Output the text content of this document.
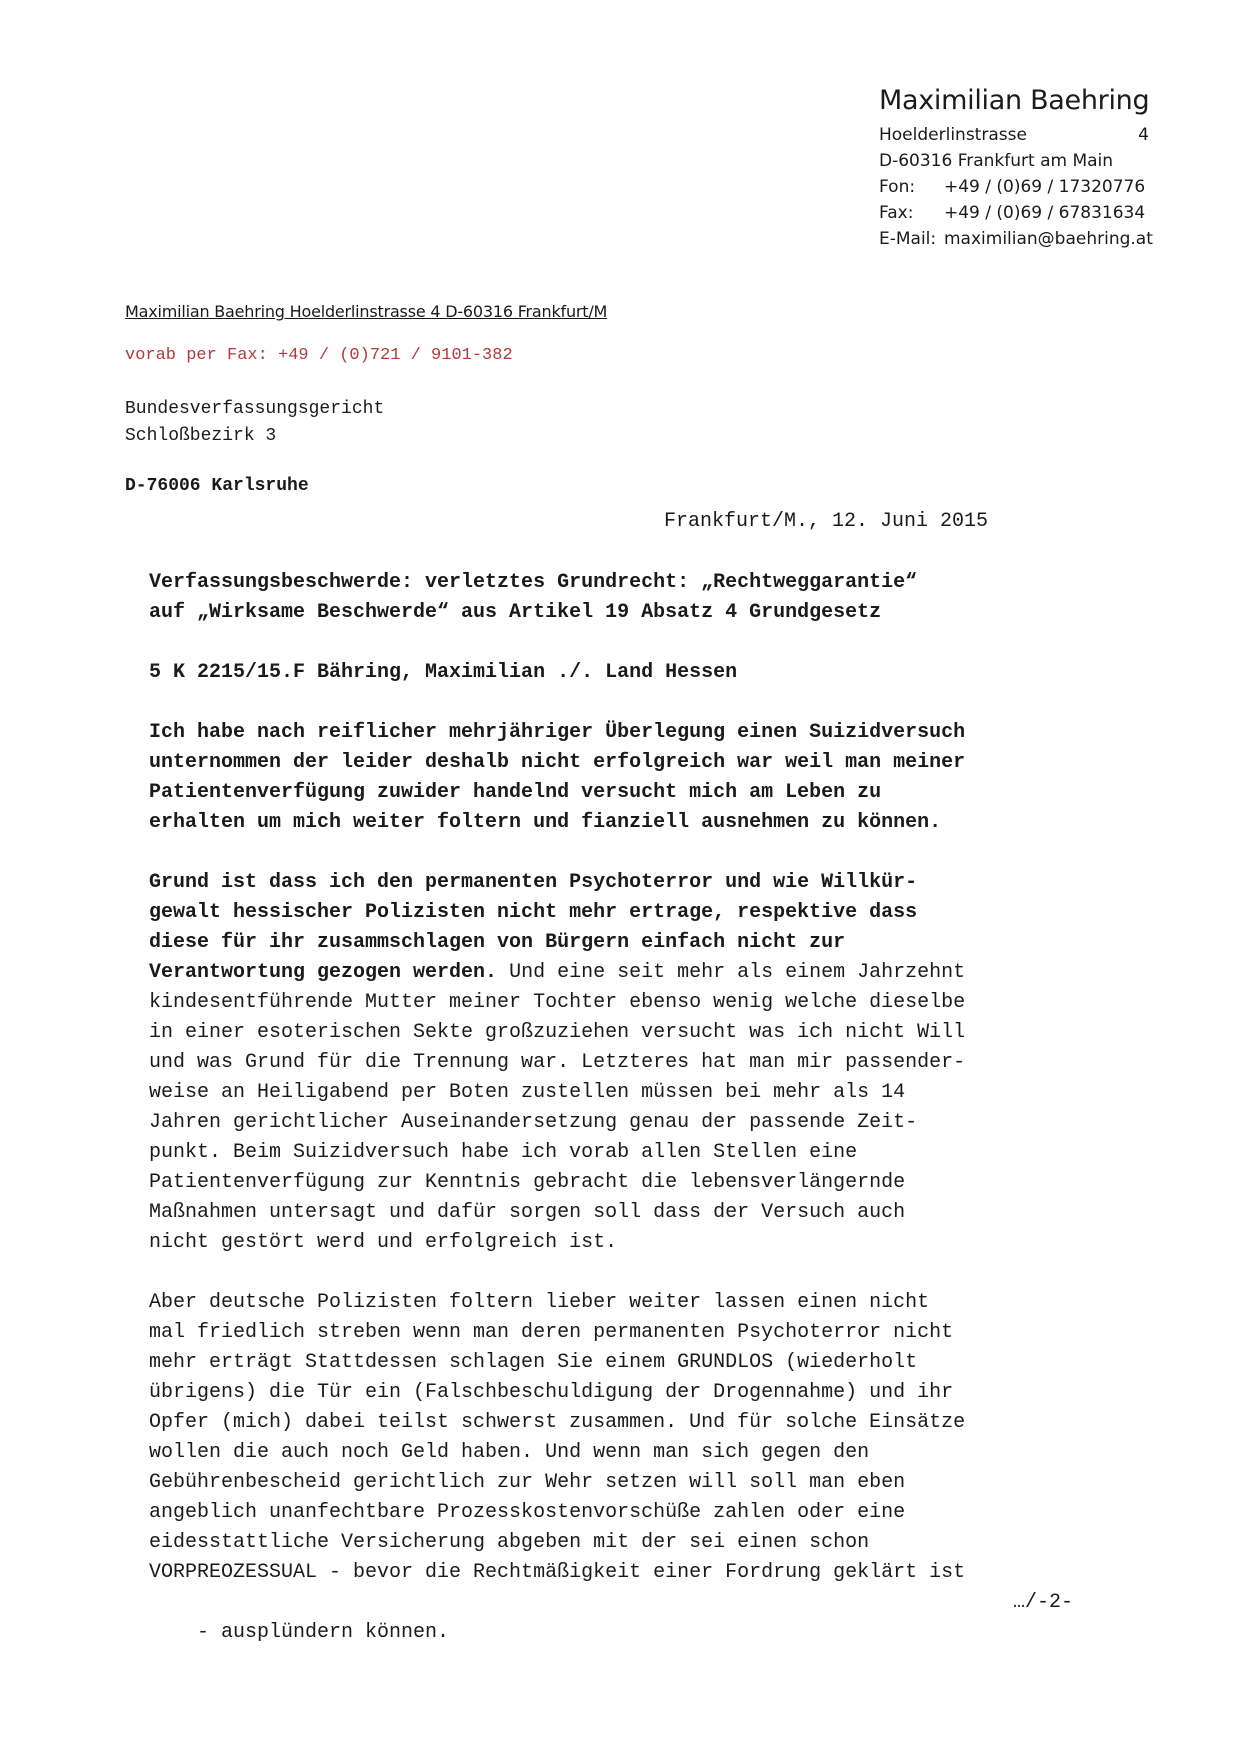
Maximilian Baehring
Hoelderlinstrasse	4
D-60316 Frankfurt am Main
Fon: +49 / (0)69 / 17320776
Fax: +49 / (0)69 / 67831634
E-Mail: maximilian@baehring.at
Maximilian Baehring Hoelderlinstrasse 4 D-60316 Frankfurt/M
vorab per Fax: +49 / (0)721 / 9101-382
Bundesverfassungsgericht
Schloßbezirk 3
D-76006 Karlsruhe
Frankfurt/M., 12. Juni 2015
Verfassungsbeschwerde: verletztes Grundrecht: „Rechtweggarantie“
auf „Wirksame Beschwerde“ aus Artikel 19 Absatz 4 Grundgesetz
5 K 2215/15.F Bähring, Maximilian ./. Land Hessen

Ich habe nach reiflicher mehrjähriger Überlegung einen Suizidversuch
unternommen der leider deshalb nicht erfolgreich war weil man meiner
Patientenverfügung zuwider handelnd versucht mich am Leben zu
erhalten um mich weiter foltern und fianziell ausnehmen zu können.

Grund ist dass ich den permanenten Psychoterror und wie Willkür-
gewalt hessischer Polizisten nicht mehr ertrage, respektive dass
diese für ihr zusammschlagen von Bürgern einfach nicht zur
Verantwortung gezogen werden. Und eine seit mehr als einem Jahrzehnt
kindesentführende Mutter meiner Tochter ebenso wenig welche dieselbe
in einer esoterischen Sekte großzuziehen versucht was ich nicht Will
und was Grund für die Trennung war. Letzteres hat man mir passender-
weise an Heiligabend per Boten zustellen müssen bei mehr als 14
Jahren gerichtlicher Auseinandersetzung genau der passende Zeit-
punkt. Beim Suizidversuch habe ich vorab allen Stellen eine
Patientenverfügung zur Kenntnis gebracht die lebensverlängernde
Maßnahmen untersagt und dafür sorgen soll dass der Versuch auch
nicht gestört werd und erfolgreich ist.

Aber deutsche Polizisten foltern lieber weiter lassen einen nicht
mal friedlich streben wenn man deren permanenten Psychoterror nicht
mehr erträgt Stattdessen schlagen Sie einem GRUNDLOS (wiederholt
übrigens) die Tür ein (Falschbeschuldigung der Drogennahme) und ihr
Opfer (mich) dabei teilst schwerst zusammen. Und für solche Einsätze
wollen die auch noch Geld haben. Und wenn man sich gegen den
Gebührenbescheid gerichtlich zur Wehr setzen will soll man eben
angeblich unanfechtbare Prozesskostenvorschüße zahlen oder eine
eidesstattliche Versicherung abgeben mit der sei einen schon
VORPREOZESSUAL - bevor die Rechtmäßigkeit einer Fordrung geklärt ist

- ausplündern können.

…/-2-
